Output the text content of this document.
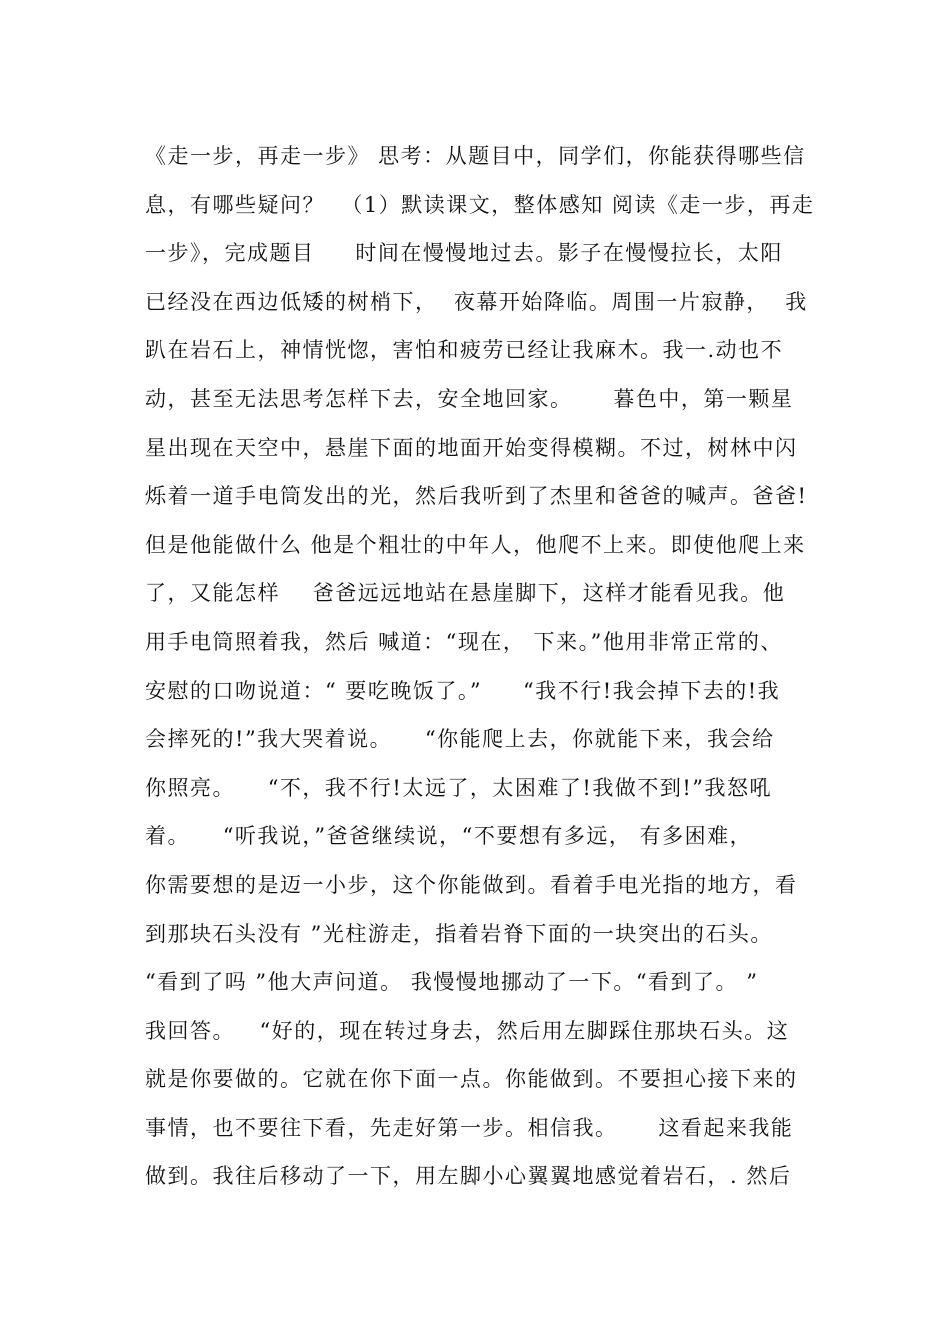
《走一步，再走一步》 思考：从题目中，同学们，你能获得哪些信
息，有哪些疑问？  （1）默读课文，整体感知 阅读《走一步，再走
一步》，完成题目     时间在慢慢地过去。影子在慢慢拉长，太阳
已经没在西边低矮的树梢下，  夜幕开始降临。周围一片寂静，  我
趴在岩石上，神情恍惚，害怕和疲劳已经让我麻木。我一.动也不
动，甚至无法思考怎样下去，安全地回家。     暮色中，第一颗星
星出现在天空中，悬崖下面的地面开始变得模糊。不过，树林中闪
烁着一道手电筒发出的光，然后我听到了杰里和爸爸的喊声。爸爸!
但是他能做什么 他是个粗壮的中年人，他爬不上来。即使他爬上来
了，又能怎样    爸爸远远地站在悬崖脚下，这样才能看见我。他
用手电筒照着我，然后 喊道：“现在， 下来。”他用非常正常的、
安慰的口吻说道：“ 要吃晚饭了。”     “我不行!我会掉下去的!我
会摔死的!”我大哭着说。    “你能爬上去，你就能下来，我会给
你照亮。    “不，我不行!太远了，太困难了!我做不到!”我怒吼
着。    “听我说，”爸爸继续说，“不要想有多远， 有多困难，
你需要想的是迈一小步，这个你能做到。看着手电光指的地方，看
到那块石头没有 ”光柱游走，指着岩脊下面的一块突出的石头。
“看到了吗 ”他大声问道。 我慢慢地挪动了一下。“看到了。 ”
我回答。   “好的，现在转过身去，然后用左脚踩住那块石头。这
就是你要做的。它就在你下面一点。你能做到。不要担心接下来的
事情，也不要往下看，先走好第一步。相信我。     这看起来我能
做到。我往后移动了一下，用左脚小心翼翼地感觉着岩石，. 然后
